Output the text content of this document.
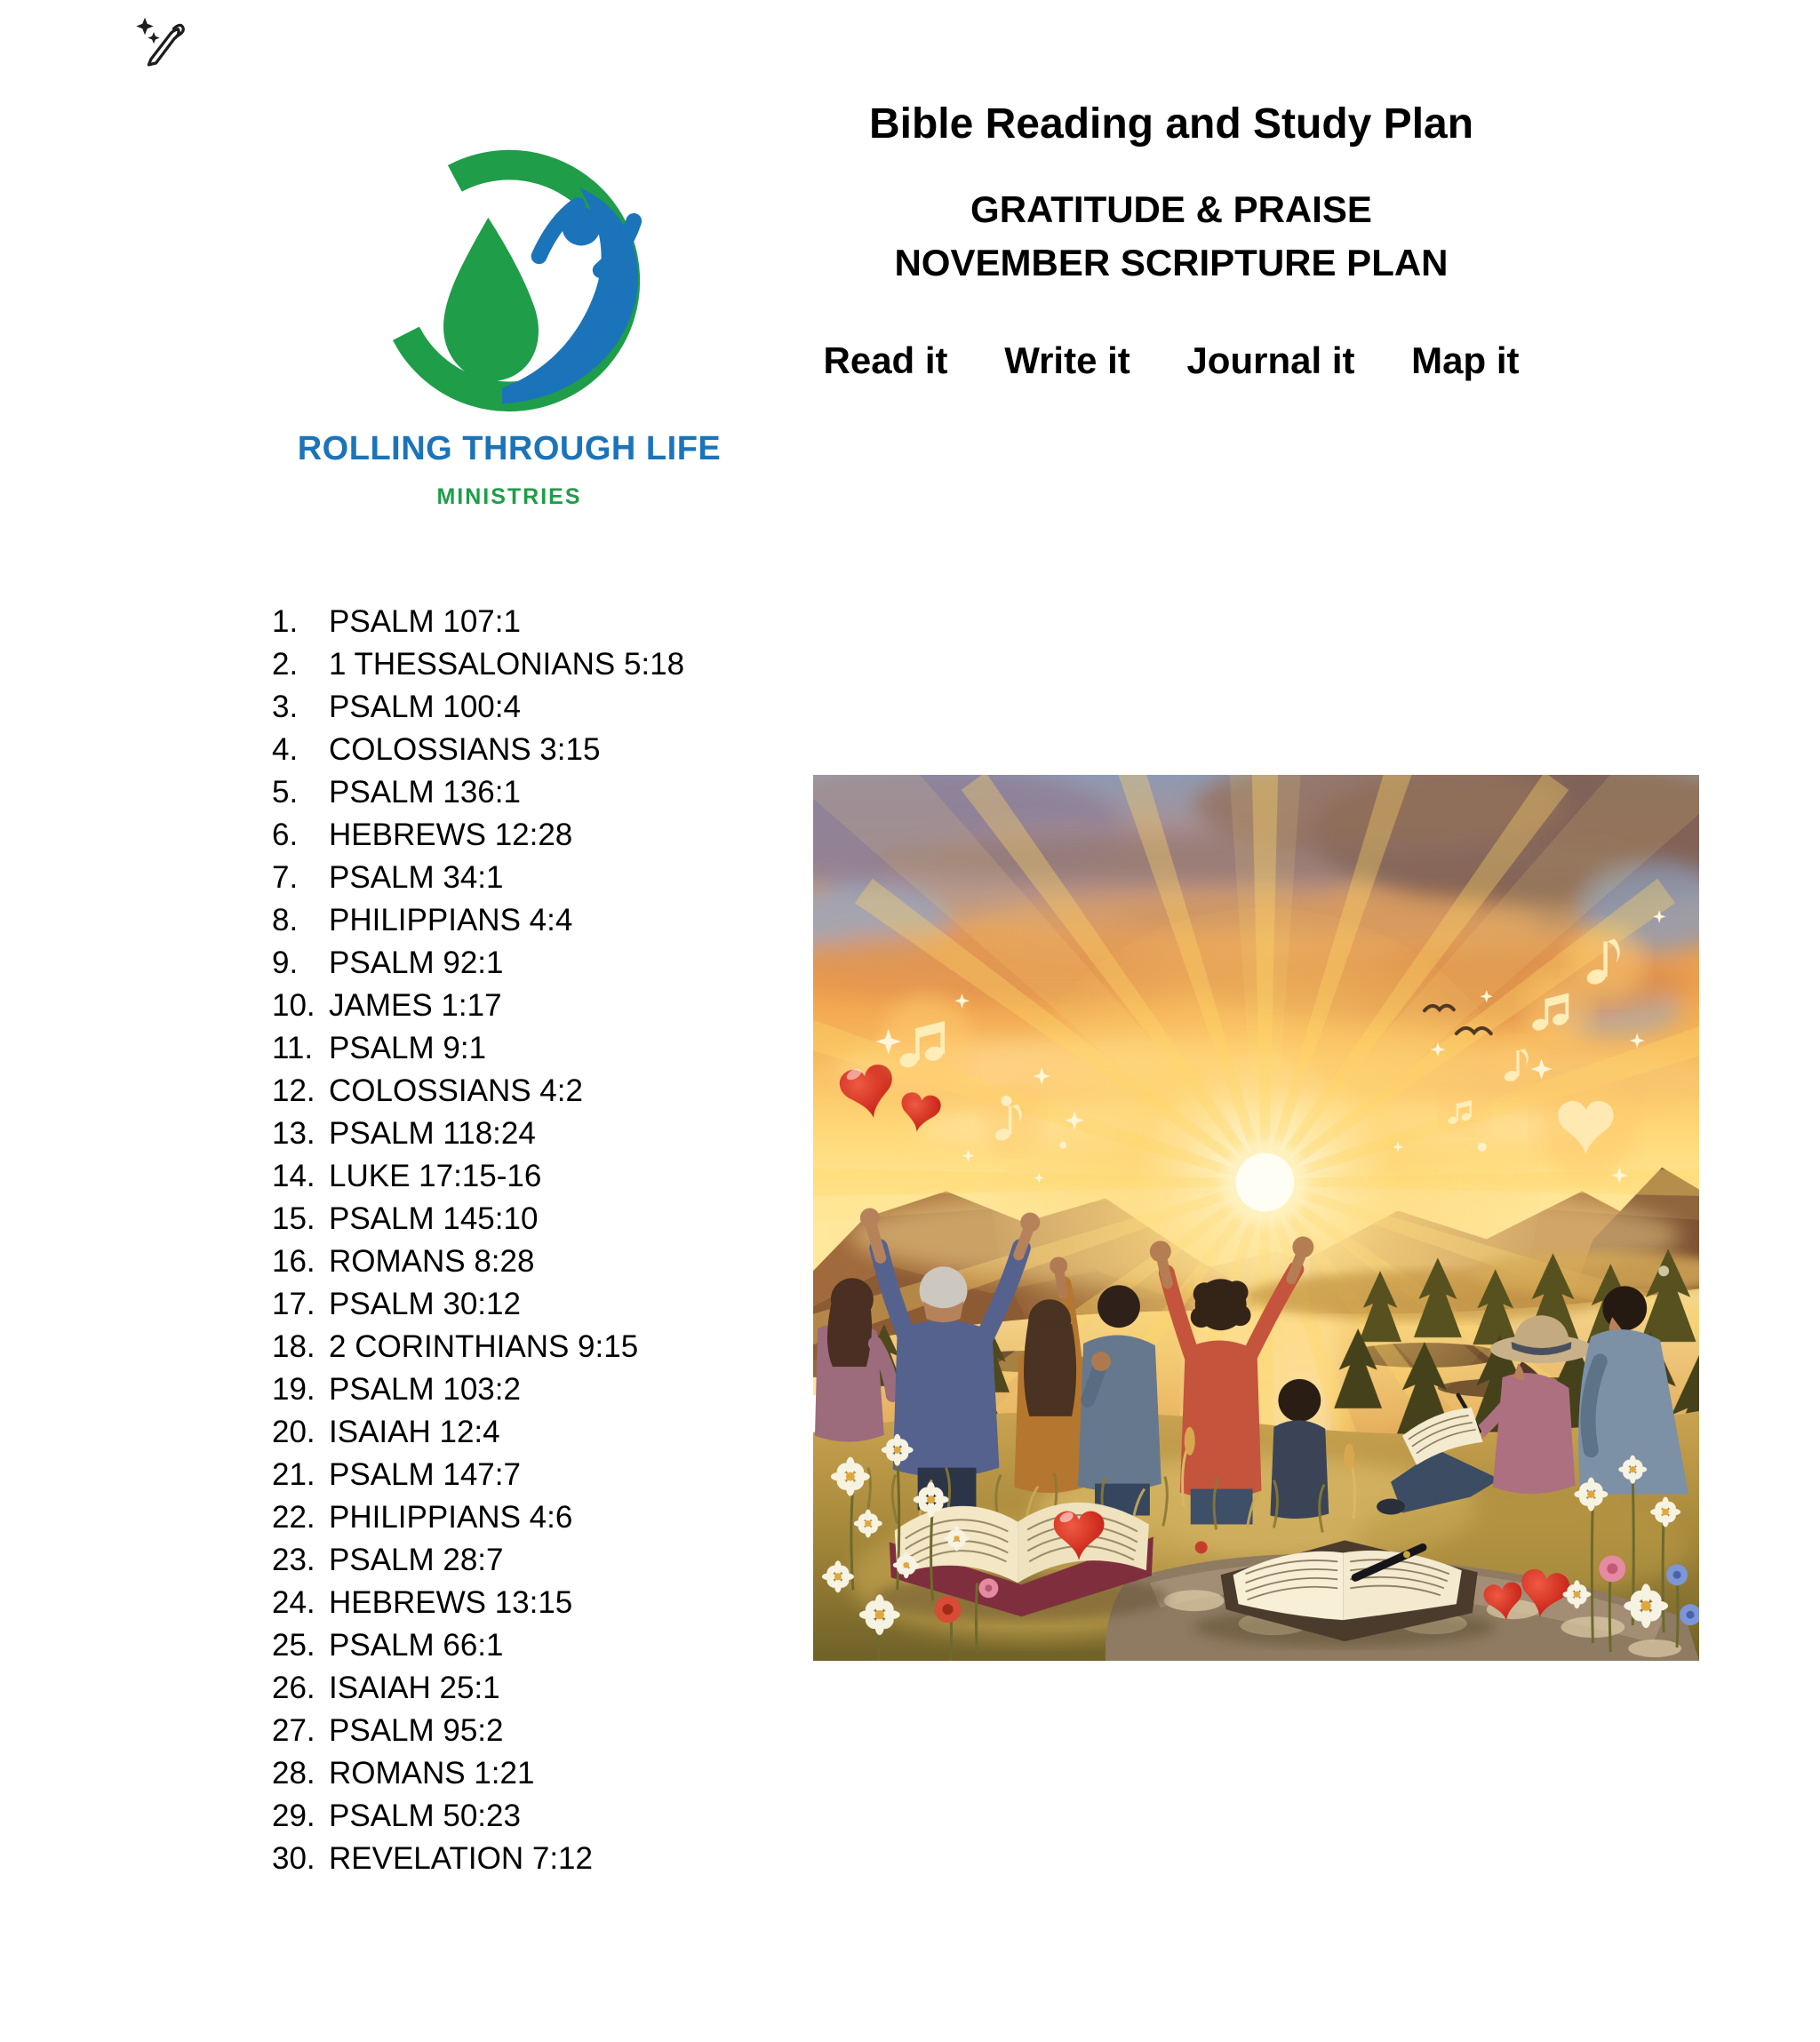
ROLLING THROUGH LIFE
MINISTRIES
Bible Reading and Study Plan
GRATITUDE & PRAISE
NOVEMBER SCRIPTURE PLAN
Read it Write it Journal it Map it
1. PSALM 107:1
2. 1 THESSALONIANS 5:18
3. PSALM 100:4
4. COLOSSIANS 3:15
5. PSALM 136:1
6. HEBREWS 12:28
7. PSALM 34:1
8. PHILIPPIANS 4:4
9. PSALM 92:1
10. JAMES 1:17
11. PSALM 9:1
12. COLOSSIANS 4:2
13. PSALM 118:24
14. LUKE 17:15-16
15. PSALM 145:10
16. ROMANS 8:28
17. PSALM 30:12
18. 2 CORINTHIANS 9:15
19. PSALM 103:2
20. ISAIAH 12:4
21. PSALM 147:7
22. PHILIPPIANS 4:6
23. PSALM 28:7
24. HEBREWS 13:15
25. PSALM 66:1
26. ISAIAH 25:1
27. PSALM 95:2
28. ROMANS 1:21
29. PSALM 50:23
30. REVELATION 7:12
